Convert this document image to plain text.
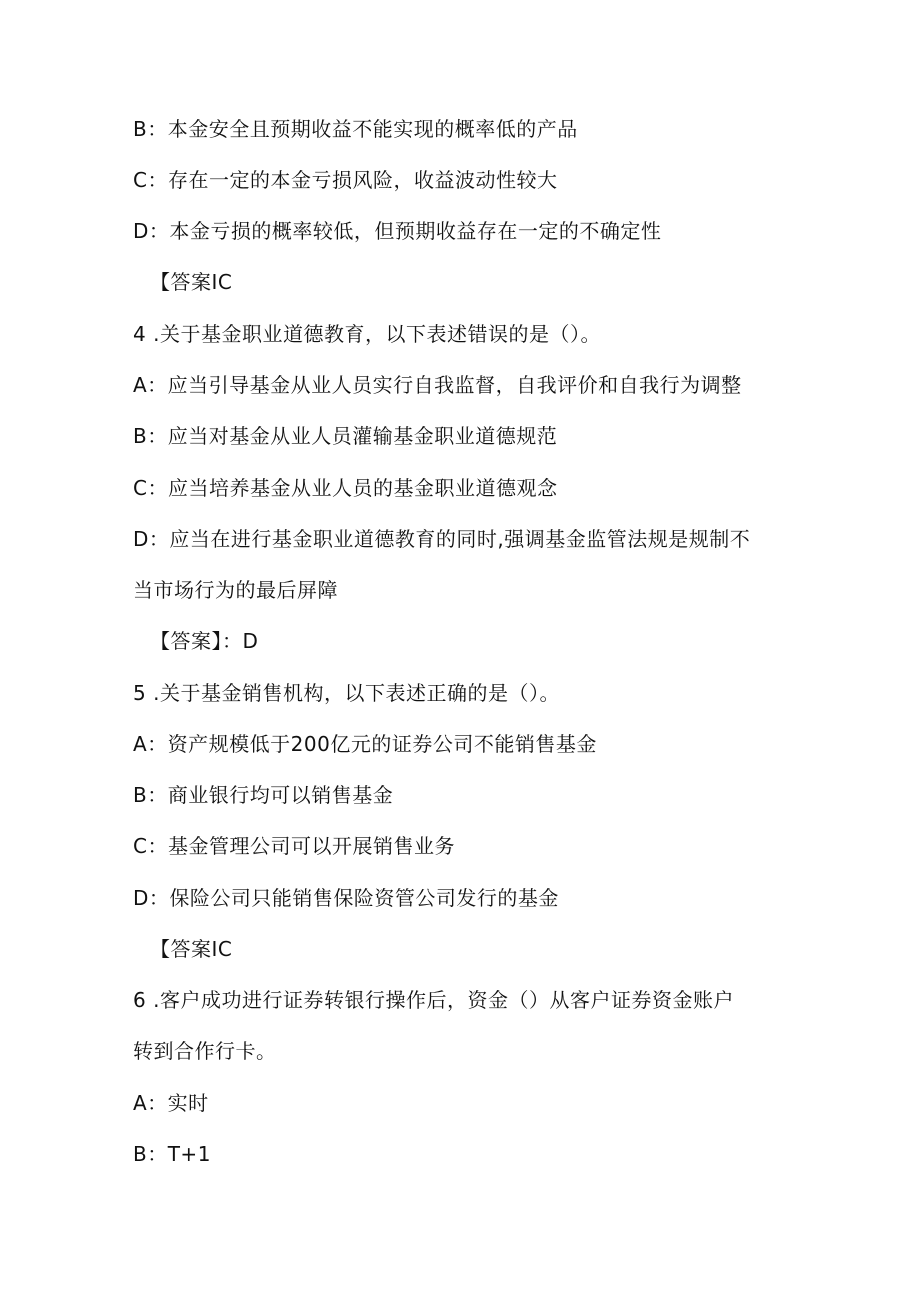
B：本金安全且预期收益不能实现的概率低的产品
C：存在一定的本金亏损风险，收益波动性较大
D：本金亏损的概率较低，但预期收益存在一定的不确定性
【答案IC
4 .关于基金职业道德教育，以下表述错误的是（）。
A：应当引导基金从业人员实行自我监督，自我评价和自我行为调整
B：应当对基金从业人员灌输基金职业道德规范
C：应当培养基金从业人员的基金职业道德观念
D：应当在进行基金职业道德教育的同时,强调基金监管法规是规制不
当市场行为的最后屏障
【答案】：D
5 .关于基金销售机构，以下表述正确的是（）。
A：资产规模低于200亿元的证券公司不能销售基金
B：商业银行均可以销售基金
C：基金管理公司可以开展销售业务
D：保险公司只能销售保险资管公司发行的基金
【答案IC
6 .客户成功进行证券转银行操作后，资金（）从客户证券资金账户
转到合作行卡。
A：实时
B：T+1
